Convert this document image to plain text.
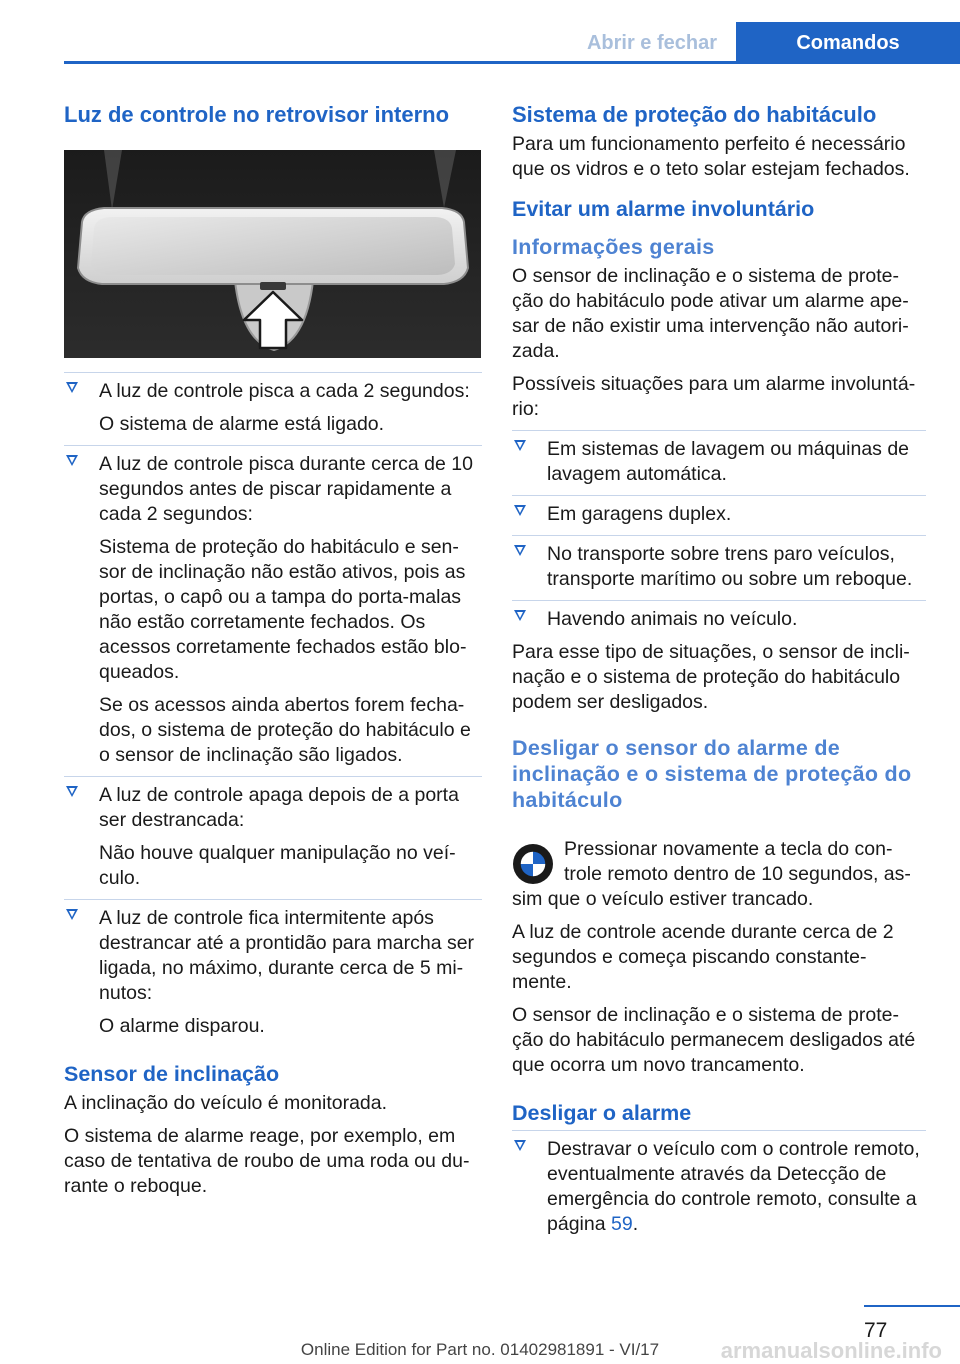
Abrir e fechar	Comandos
Luz de controle no retrovisor interno

A luz de controle pisca a cada 2 segundos:

O sistema de alarme está ligado.

A luz de controle pisca durante cerca de 10 segundos antes de piscar rapidamente a cada 2 segundos:

Sistema de proteção do habitáculo e sen‐sor de inclinação não estão ativos, pois as portas, o capô ou a tampa do porta-malas não estão corretamente fechados. Os acessos corretamente fechados estão blo‐queados.

Se os acessos ainda abertos forem fecha‐dos, o sistema de proteção do habitáculo e o sensor de inclinação são ligados.

A luz de controle apaga depois de a porta ser destrancada:

Não houve qualquer manipulação no veí‐culo.

A luz de controle fica intermitente após destrancar até a prontidão para marcha ser ligada, no máximo, durante cerca de 5 mi‐nutos:

O alarme disparou.

Sensor de inclinação

A inclinação do veículo é monitorada.

O sistema de alarme reage, por exemplo, em caso de tentativa de roubo de uma roda ou du‐rante o reboque.

Sistema de proteção do habitáculo

Para um funcionamento perfeito é necessário que os vidros e o teto solar estejam fechados.

Evitar um alarme involuntário
Informações gerais

O sensor de inclinação e o sistema de prote‐ção do habitáculo pode ativar um alarme ape‐sar de não existir uma intervenção não autori‐zada.

Possíveis situações para um alarme involuntá‐rio:

Em sistemas de lavagem ou máquinas de lavagem automática.

Em garagens duplex.

No transporte sobre trens paro veículos, transporte marítimo ou sobre um reboque.

Havendo animais no veículo.

Para esse tipo de situações, o sensor de incli‐nação e o sistema de proteção do habitáculo podem ser desligados.

Desligar o sensor do alarme de inclinação e o sistema de proteção do habitáculo

Pressionar novamente a tecla do con‐trole remoto dentro de 10 segundos, as‐sim que o veículo estiver trancado.

A luz de controle acende durante cerca de 2 segundos e começa piscando constante‐mente.

O sensor de inclinação e o sistema de prote‐ção do habitáculo permanecem desligados até que ocorra um novo trancamento.

Desligar o alarme

Destravar o veículo com o controle remoto, eventualmente através da Detecção de emergência do controle remoto, consulte a página 59.

77
Online Edition for Part no. 01402981891 - VI/17	armanualsonline.info
